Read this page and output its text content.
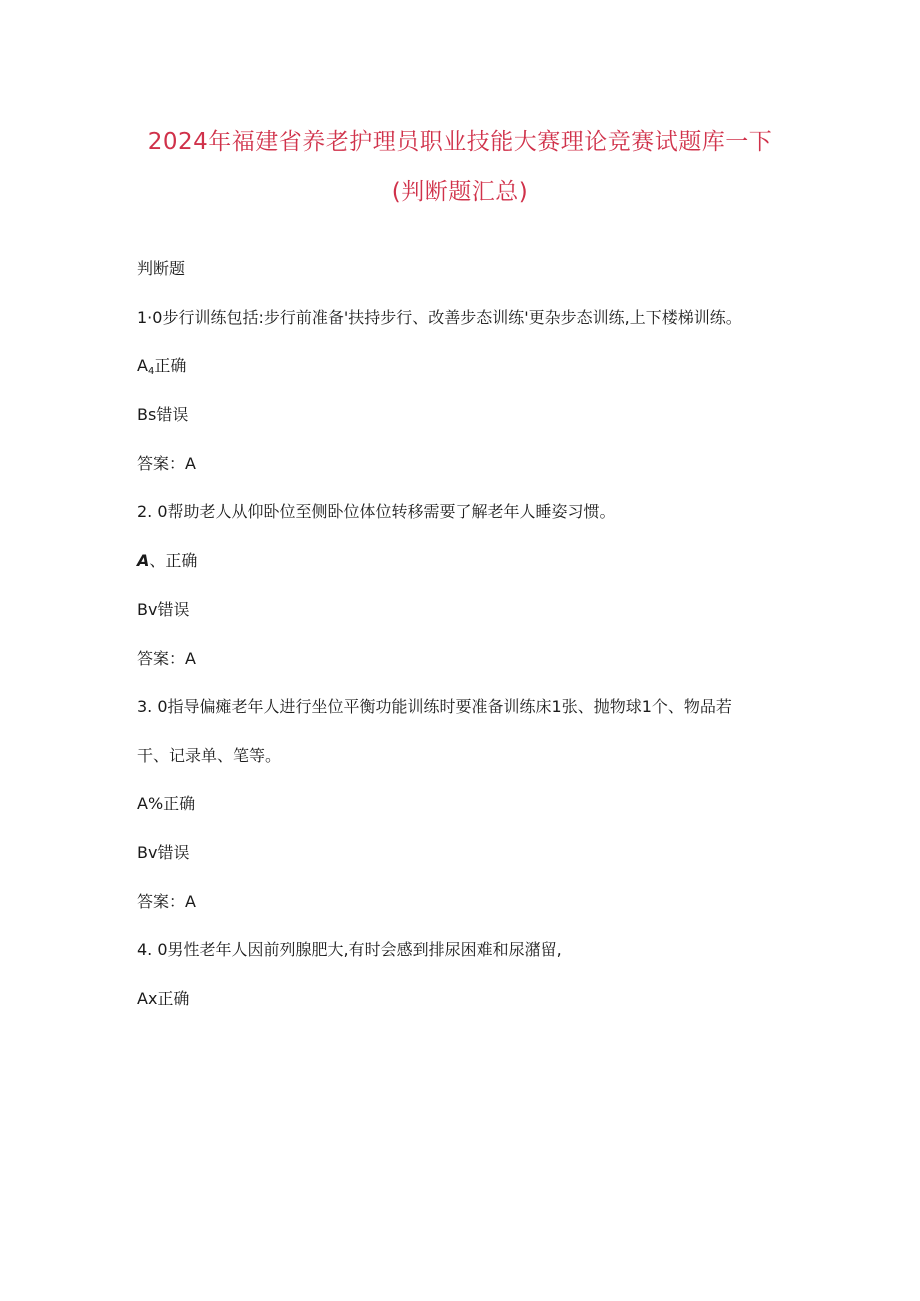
2024年福建省养老护理员职业技能大赛理论竞赛试题库一下
(判断题汇总)
判断题
1·0步行训练包括:步行前准备'扶持步行、改善步态训练'更杂步态训练,上下楼梯训练。
A4正确
Bs错误
答案：A
2. 0帮助老人从仰卧位至侧卧位体位转移需要了解老年人睡姿习惯。
A、正确
Bv错误
答案：A
3. 0指导偏瘫老年人进行坐位平衡功能训练时要准备训练床1张、抛物球1个、物品若
干、记录单、笔等。
A%正确
Bv错误
答案：A
4. 0男性老年人因前列腺肥大,有时会感到排尿困难和尿潴留,
Ax正确
